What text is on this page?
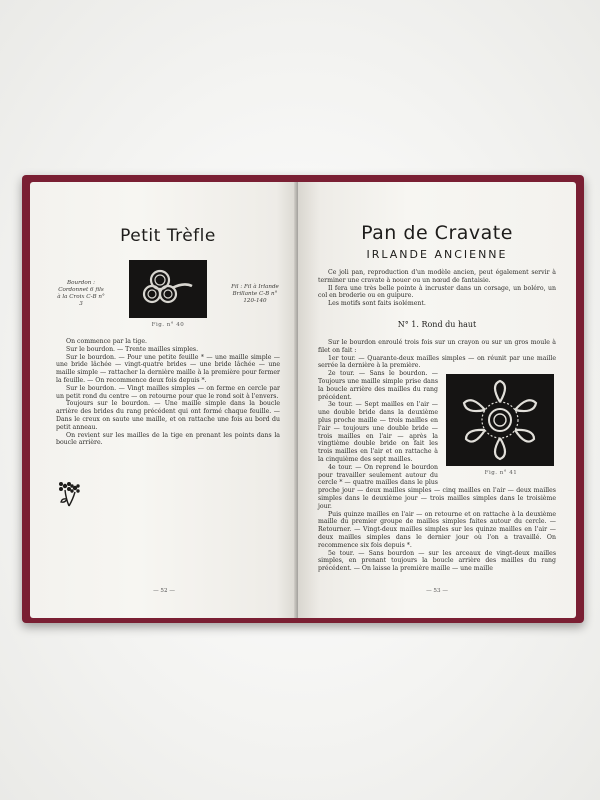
Petit Trèfle
Bourdon : Cordonnet 6 fils à la Croix C-B n° 3
Fig. n° 40
Fil : Fil à Irlande Brillante C-B n° 120-140

On commence par la tige.

Sur le bourdon. — Trente mailles simples.

Sur le bourdon. — Pour une petite feuille * — une maille simple — une bride lâchée — vingt-quatre brides — une bride lâchée — une maille simple — rattacher la dernière maille à la première pour fermer la feuille. — On recommence deux fois depuis *.

Sur le bourdon. — Vingt mailles simples — on ferme en cercle par un petit rond du centre — on retourne pour que le rond soit à l'envers.

Toujours sur le bourdon. — Une maille simple dans la boucle arrière des brides du rang précédent qui ont formé chaque feuille. — Dans le creux on saute une maille, et on rattache une fois au bord du petit anneau.

On revient sur les mailles de la tige en prenant les points dans la boucle arrière.

— 52 —
Pan de Cravate
IRLANDE ANCIENNE

Ce joli pan, reproduction d'un modèle ancien, peut également servir à terminer une cravate à nouer ou un nœud de fantaisie.

Il fera une très belle pointe à incruster dans un corsage, un boléro, un col en broderie ou en guipure.

Les motifs sont faits isolément.

N° 1. Rond du haut

Sur le bourdon enroulé trois fois sur un crayon ou sur un gros moule à filet on fait :

1er tour. — Quarante-deux mailles simples — on réunit par une maille serrée la dernière à la première.

Fig. n° 41

2e tour. — Sans le bourdon. — Toujours une maille simple prise dans la boucle arrière des mailles du rang précédent.

3e tour. — Sept mailles en l'air — une double bride dans la deuxième plus proche maille — trois mailles en l'air — toujours une double bride — trois mailles en l'air — après la vingtième double bride on fait les trois mailles en l'air et on rattache à la cinquième des sept mailles.

4e tour. — On reprend le bourdon pour travailler seulement autour du cercle * — quatre mailles dans le plus proche jour — deux mailles simples — cinq mailles en l'air — deux mailles simples dans le deuxième jour — trois mailles simples dans le troisième jour.

Puis quinze mailles en l'air — on retourne et on rattache à la deuxième maille du premier groupe de mailles simples faites autour du cercle. — Retourner. — Vingt-deux mailles simples sur les quinze mailles en l'air — deux mailles simples dans le dernier jour où l'on a travaillé. On recommence six fois depuis *.

5e tour. — Sans bourdon — sur les arceaux de vingt-deux mailles simples, en prenant toujours la boucle arrière des mailles du rang précédent. — On laisse la première maille — une maille

— 53 —
